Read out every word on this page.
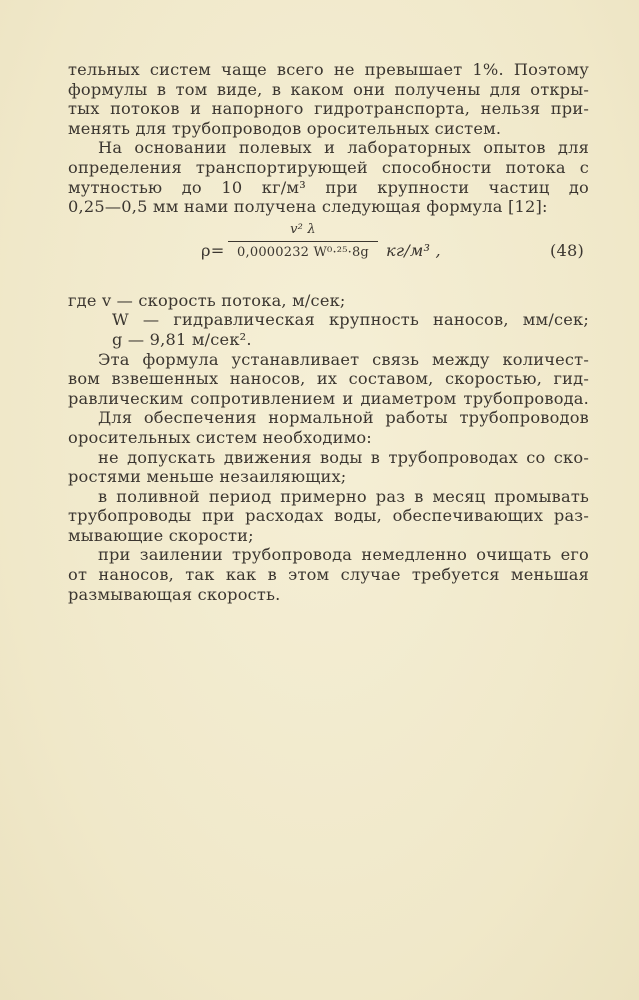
тельных систем чаще всего не превышает 1%. Поэтому
формулы в том виде, в каком они получены для откры-
тых потоков и напорного гидротранспорта, нельзя при-
менять для трубопроводов оросительных систем.
На основании полевых и лабораторных опытов для
определения транспортирующей способности потока с
мутностью до 10 кг/м³ при крупности частиц до
0,25—0,5 мм нами получена следующая формула [12]:
ρ=
v² λ
0,0000232 W⁰·²⁵·8g	кг/м³ ,	(48)
где v — скорость потока, м/сек;
W — гидравлическая крупность наносов, мм/сек;
g — 9,81 м/сек².
Эта формула устанавливает связь между количест-
вом взвешенных наносов, их составом, скоростью, гид-
равлическим сопротивлением и диаметром трубопровода.
Для обеспечения нормальной работы трубопроводов
оросительных систем необходимо:
не допускать движения воды в трубопроводах со ско-
ростями меньше незаиляющих;
в поливной период примерно раз в месяц промывать
трубопроводы при расходах воды, обеспечивающих раз-
мывающие скорости;
при заилении трубопровода немедленно очищать его
от наносов, так как в этом случае требуется меньшая
размывающая скорость.
